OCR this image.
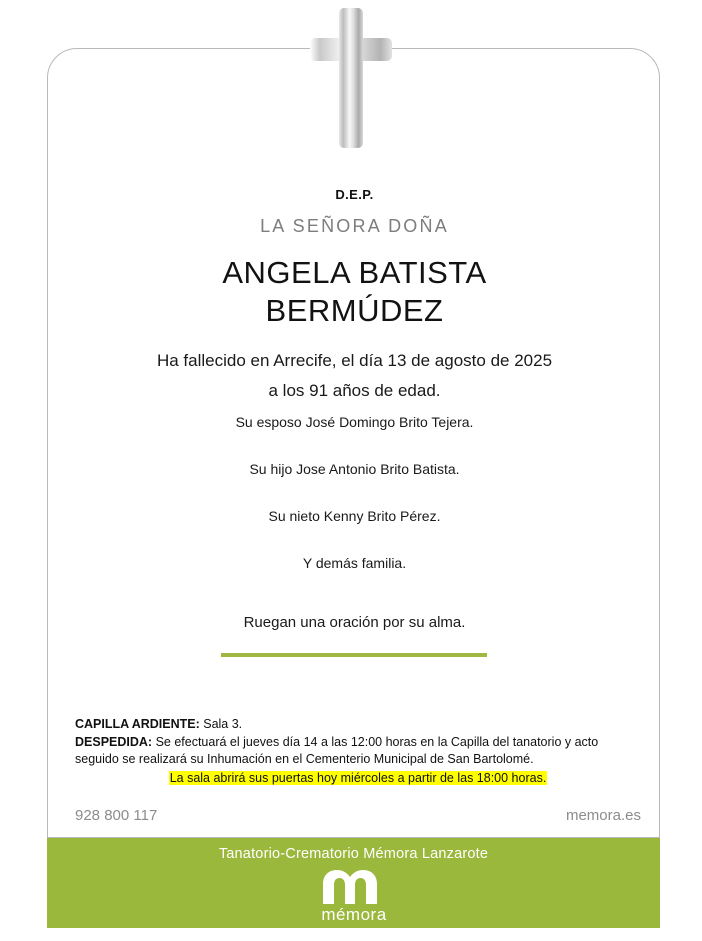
D.E.P.
LA SEÑORA DOÑA
ANGELA BATISTA
BERMÚDEZ
Ha fallecido en Arrecife, el día 13 de agosto de 2025
a los 91 años de edad.
Su esposo José Domingo Brito Tejera.
Su hijo Jose Antonio Brito Batista.
Su nieto Kenny Brito Pérez.
Y demás familia.
Ruegan una oración por su alma.
CAPILLA ARDIENTE: Sala 3.
DESPEDIDA: Se efectuará el jueves día 14 a las 12:00 horas en la Capilla del tanatorio y acto seguido se realizará su Inhumación en el Cementerio Municipal de San Bartolomé.
La sala abrirá sus puertas hoy miércoles a partir de las 18:00 horas.
928 800 117	memora.es
Tanatorio-Crematorio Mémora Lanzarote
mémora
